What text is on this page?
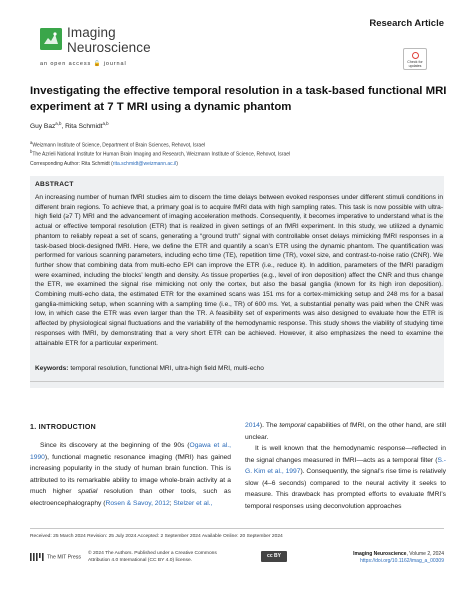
Imaging
Neuroscience
an open access 🔓 journal
Research Article
Check for updates
Investigating the effective temporal resolution in a task-based functional MRI experiment at 7 T MRI using a dynamic phantom
Guy Baz$^{a,b}$, Rita Schmidt$^{a,b}$
$^a$Weizmann Institute of Science, Department of Brain Sciences, Rehovot, Israel
$^b$The Azrieli National Institute for Human Brain Imaging and Research, Weizmann Institute of Science, Rehovot, Israel
Corresponding Author: Rita Schmidt (rita.schmidt@weizmann.ac.il)
ABSTRACT
An increasing number of human fMRI studies aim to discern the time delays between evoked responses under different stimuli conditions in different brain regions. To achieve that, a primary goal is to acquire fMRI data with high sampling rates. This task is now possible with ultra-high field (≥7 T) MRI and the advancement of imaging acceleration methods. Consequently, it becomes imperative to understand what is the actual or effective temporal resolution (ETR) that is realized in given settings of an fMRI experiment. In this study, we utilized a dynamic phantom to reliably repeat a set of scans, generating a “ground truth” signal with controllable onset delays mimicking fMRI responses in a task-based block-designed fMRI. Here, we define the ETR and quantify a scan’s ETR using the dynamic phantom. The quantification was performed for various scanning parameters, including echo time (TE), repetition time (TR), voxel size, and contrast-to-noise ratio (CNR). We further show that combining data from multi-echo EPI can improve the ETR (i.e., reduce it). In addition, parameters of the fMRI paradigm were examined, including the blocks’ length and density. As tissue properties (e.g., level of iron deposition) affect the CNR and thus change the ETR, we examined the signal rise mimicking not only the cortex, but also the basal ganglia (known for its high iron deposition). Combining multi-echo data, the estimated ETR for the examined scans was 151 ms for a cortex-mimicking setup and 248 ms for a basal ganglia-mimicking setup, when scanning with a sampling time (i.e., TR) of 600 ms. Yet, a substantial penalty was paid when the CNR was low, in which case the ETR was even larger than the TR. A feasibility set of experiments was also designed to evaluate how the ETR is affected by physiological signal fluctuations and the variability of the hemodynamic response. This study shows the viability of studying time responses with fMRI, by demonstrating that a very short ETR can be achieved. However, it also emphasizes the need to examine the attainable ETR for a particular experiment.
Keywords: temporal resolution, functional MRI, ultra-high field MRI, multi-echo
1. INTRODUCTION

Since its discovery at the beginning of the 90s (Ogawa et al., 1990), functional magnetic resonance imaging (fMRI) has gained increasing popularity in the study of human brain function. This is attributed to its remarkable ability to image whole-brain activity at a much higher spatial resolution than other tools, such as electroencephalography (Rosen & Savoy, 2012; Stelzer et al.,

2014). The temporal capabilities of fMRI, on the other hand, are still unclear.

It is well known that the hemodynamic response—reflected in the signal changes measured in fMRI—acts as a temporal filter (S.-G. Kim et al., 1997). Consequently, the signal’s rise time is relatively slow (4–6 seconds) compared to the neural activity it seeks to measure. This drawback has prompted efforts to evaluate fMRI’s temporal responses using deconvolution approaches

Received: 25 March 2024 Revision: 25 July 2024 Accepted: 2 September 2024 Available Online: 20 September 2024
The MIT Press
© 2024 The Authors. Published under a Creative Commons
Attribution 4.0 International (CC BY 4.0) license.
cc BY	Imaging Neuroscience, Volume 2, 2024
https://doi.org/10.1162/imag_a_00309
